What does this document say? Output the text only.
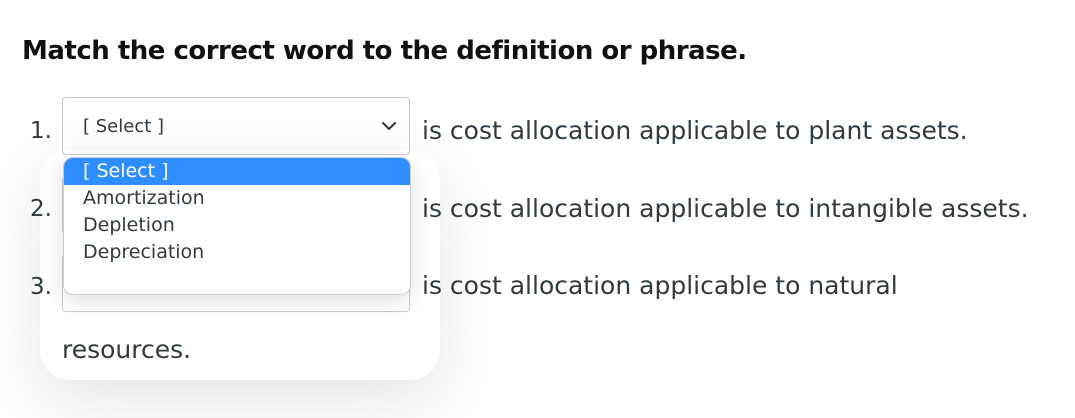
Match the correct word to the definition or phrase.
1. [ Select ]	is cost allocation applicable to plant assets.
2.	is cost allocation applicable to intangible assets.
3.	is cost allocation applicable to natural
resources.
[ Select ]
Amortization
Depletion
Depreciation
